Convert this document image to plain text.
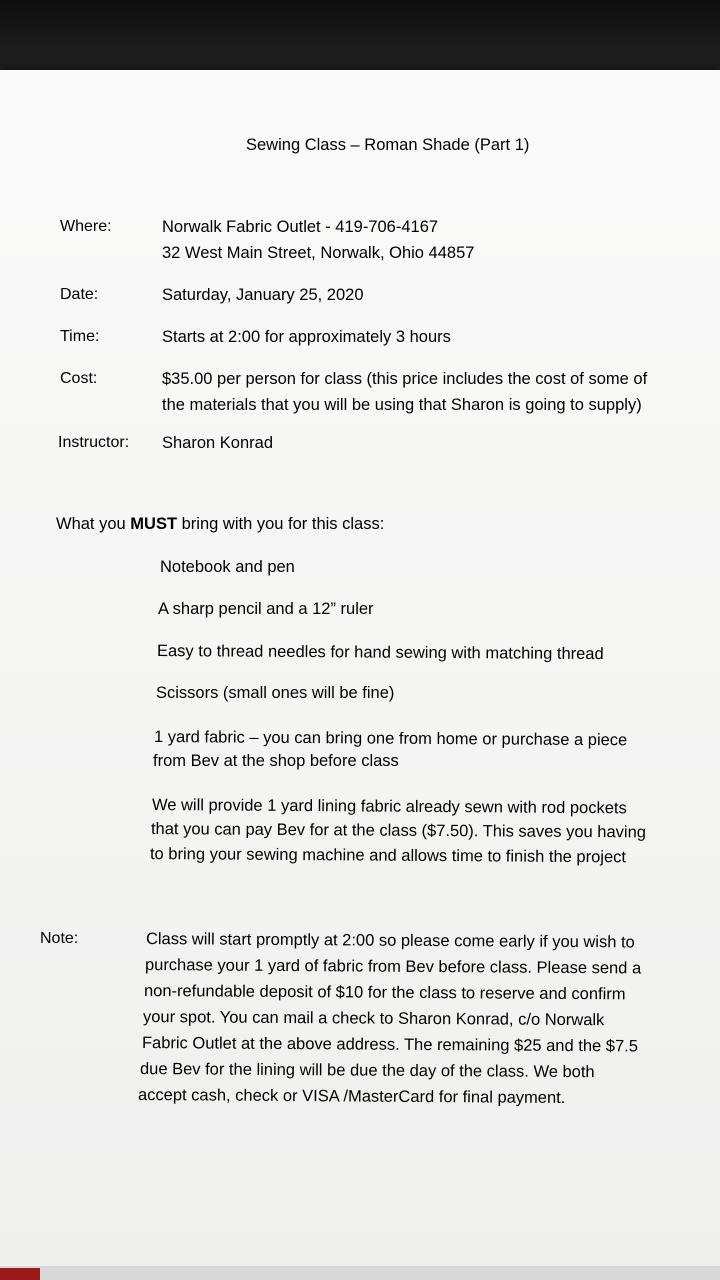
Sewing Class – Roman Shade (Part 1)
Where:	Norwalk Fabric Outlet - 419-706-4167
32 West Main Street, Norwalk, Ohio 44857
Date:	Saturday, January 25, 2020
Time:	Starts at 2:00 for approximately 3 hours
Cost:	$35.00 per person for class (this price includes the cost of some of
the materials that you will be using that Sharon is going to supply)
Instructor: Sharon Konrad
What you MUST bring with you for this class:
Notebook and pen
A sharp pencil and a 12” ruler
Easy to thread needles for hand sewing with matching thread
Scissors (small ones will be fine)
1 yard fabric – you can bring one from home or purchase a piece
from Bev at the shop before class
We will provide 1 yard lining fabric already sewn with rod pockets
that you can pay Bev for at the class ($7.50). This saves you having
to bring your sewing machine and allows time to finish the project
Note:	Class will start promptly at 2:00 so please come early if you wish to
purchase your 1 yard of fabric from Bev before class. Please send a
non-refundable deposit of $10 for the class to reserve and confirm
your spot. You can mail a check to Sharon Konrad, c/o Norwalk
Fabric Outlet at the above address. The remaining $25 and the $7.5
due Bev for the lining will be due the day of the class. We both
accept cash, check or VISA /MasterCard for final payment.
